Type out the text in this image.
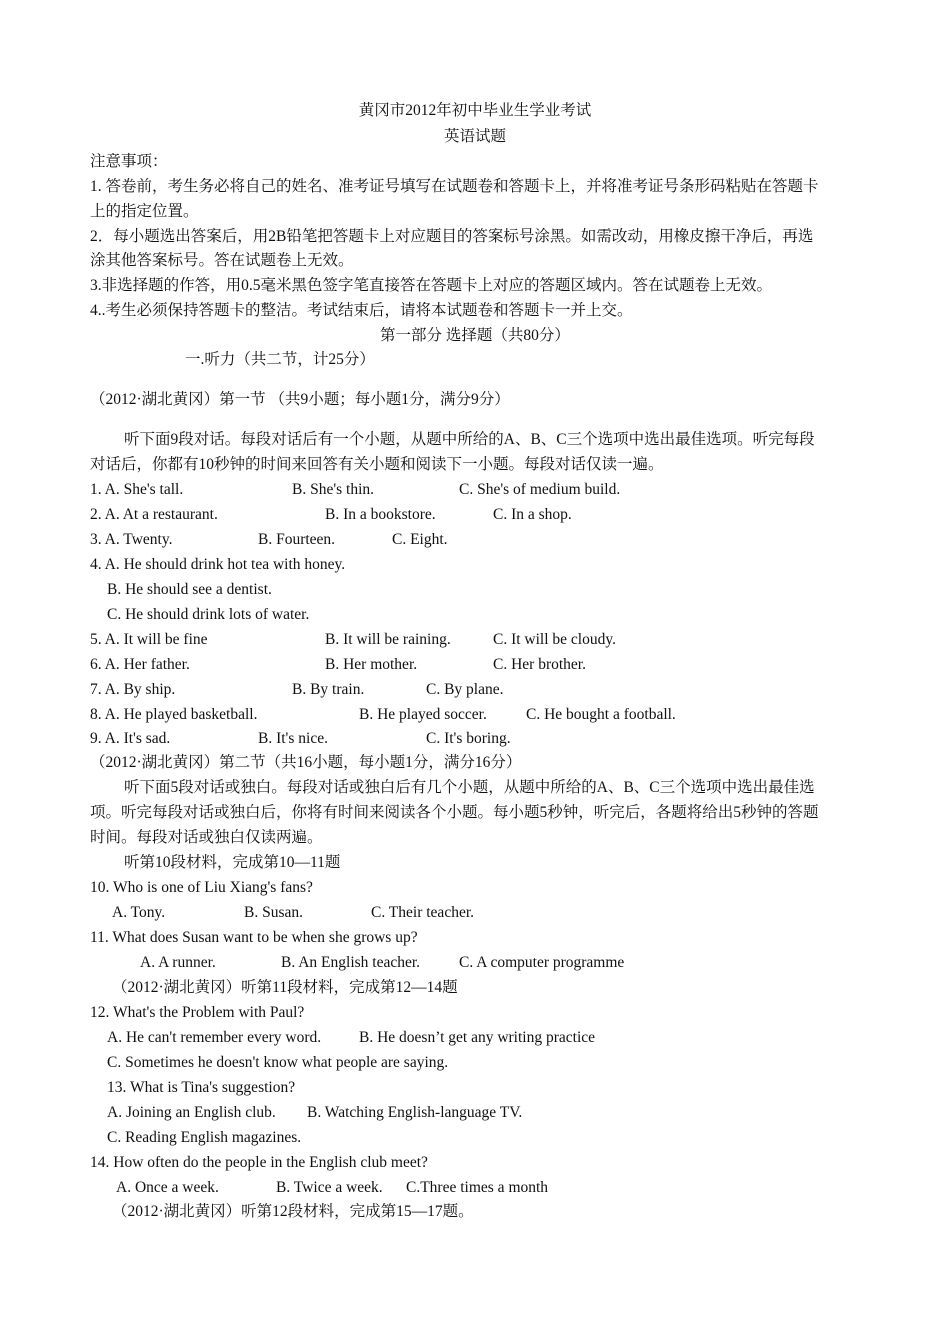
黄冈市2012年初中毕业生学业考试
英语试题
注意事项：
1. 答卷前，考生务必将自己的姓名、准考证号填写在试题卷和答题卡上，并将准考证号条形码粘贴在答题卡
上的指定位置。
2．每小题选出答案后，用2B铅笔把答题卡上对应题目的答案标号涂黑。如需改动，用橡皮擦干净后，再选
涂其他答案标号。答在试题卷上无效。
3.非选择题的作答，用0.5毫米黑色签字笔直接答在答题卡上对应的答题区域内。答在试题卷上无效。
4..考生必须保持答题卡的整洁。考试结束后，请将本试题卷和答题卡一并上交。
第一部分 选择题（共80分）
一.听力（共二节，计25分）
（2012·湖北黄冈）第一节 （共9小题；每小题1分，满分9分）
听下面9段对话。每段对话后有一个小题，从题中所给的A、B、C三个选项中选出最佳选项。听完每段
对话后，你都有10秒钟的时间来回答有关小题和阅读下一小题。每段对话仅读一遍。
1. A. She's tall.	B. She's thin.	C. She's of medium build.
2. A. At a restaurant.	B. In a bookstore.	C. In a shop.
3. A. Twenty.	B. Fourteen.	C. Eight.
4. A. He should drink hot tea with honey.
B. He should see a dentist.
C. He should drink lots of water.
5. A. It will be fine	B. It will be raining.	C. It will be cloudy.
6. A. Her father.	B. Her mother.	C. Her brother.
7. A. By ship.	B. By train.	C. By plane.
8. A. He played basketball.	B. He played soccer.	C. He bought a football.
9. A. It's sad.	B. It's nice.	C. It's boring.
（2012·湖北黄冈）第二节（共16小题，每小题1分，满分16分）
听下面5段对话或独白。每段对话或独白后有几个小题，从题中所给的A、B、C三个选项中选出最佳选
项。听完每段对话或独白后，你将有时间来阅读各个小题。每小题5秒钟，听完后，各题将给出5秒钟的答题
时间。每段对话或独白仅读两遍。
听第10段材料，完成第10—11题
10. Who is one of Liu Xiang's fans?
A. Tony.	B. Susan.	C. Their teacher.
11. What does Susan want to be when she grows up?
A. A runner.	B. An English teacher.	C. A computer programme
（2012·湖北黄冈）听第11段材料，完成第12—14题
12. What's the Problem with Paul?
A. He can't remember every word. B. He doesn’t get any writing practice
C. Sometimes he doesn't know what people are saying.
13. What is Tina's suggestion?
A. Joining an English club. B. Watching English-language TV.
C. Reading English magazines.
14. How often do the people in the English club meet?
A. Once a week.	B. Twice a week. C.Three times a month
（2012·湖北黄冈）听第12段材料，完成第15—17题。
